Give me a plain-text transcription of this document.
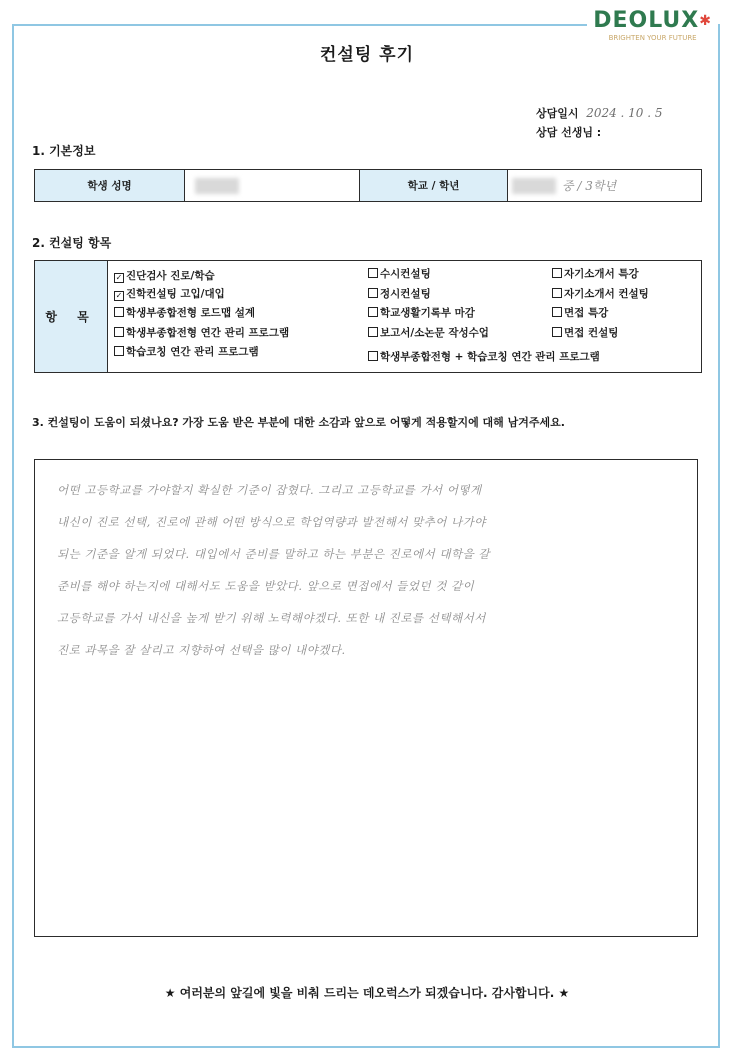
DEOLUX✱
BRIGHTEN YOUR FUTURE
컨설팅 후기
상담일시 2024 . 10 . 5
상담 선생님 :
1. 기본정보
학생 성명	학교 / 학년	중 / 3학년
2. 컨설팅 항목
항 목
✓ 진단검사 진로/학습
✓ 진학컨설팅 고입/대입
학생부종합전형 로드맵 설계
학생부종합전형 연간 관리 프로그램
학습코칭 연간 관리 프로그램
수시컨설팅
정시컨설팅
학교생활기록부 마감
보고서/소논문 작성수업
학생부종합전형 + 학습코칭 연간 관리 프로그램
자기소개서 특강
자기소개서 컨설팅
면접 특강
면접 컨설팅
3. 컨설팅이 도움이 되셨나요? 가장 도움 받은 부분에 대한 소감과 앞으로 어떻게 적용할지에 대해 남겨주세요.
어떤 고등학교를 가야할지 확실한 기준이 잡혔다. 그리고 고등학교를 가서 어떻게
내신이 진로 선택, 진로에 관해 어떤 방식으로 학업역량과 발전해서 맞추어 나가야
되는 기준을 알게 되었다. 대입에서 준비를 말하고 하는 부분은 진로에서 대학을 갈
준비를 해야 하는지에 대해서도 도움을 받았다. 앞으로 면접에서 들었던 것 같이
고등학교를 가서 내신을 높게 받기 위해 노력해야겠다. 또한 내 진로를 선택해서서
진로 과목을 잘 살리고 지향하여 선택을 많이 내야겠다.
★ 여러분의 앞길에 빛을 비춰 드리는 데오럭스가 되겠습니다. 감사합니다. ★
